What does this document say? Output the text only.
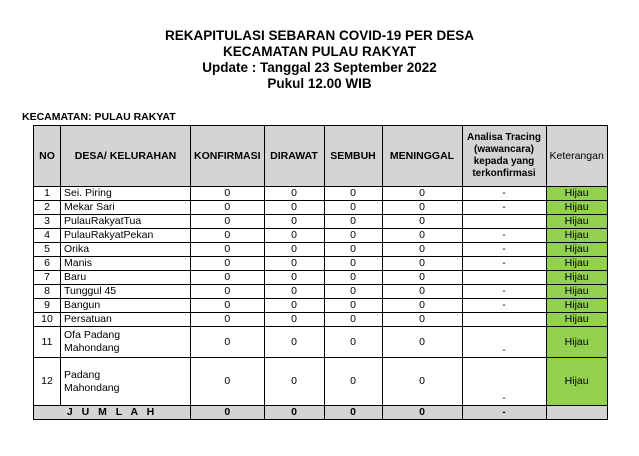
REKAPITULASI SEBARAN COVID-19 PER DESA
KECAMATAN PULAU RAKYAT
Update : Tanggal 23 September 2022
Pukul 12.00 WIB
KECAMATAN: PULAU RAKYAT
NO	DESA/ KELURAHAN	KONFIRMASI	DIRAWAT	SEMBUH	MENINGGAL	Analisa Tracing (wawancara) kepada yang terkonfirmasi	Keterangan
1	Sei. Piring	0	0	0	0	-	Hijau
2	Mekar Sari	0	0	0	0	-	Hijau
3	PulauRakyatTua	0	0	0	0		Hijau
4	PulauRakyatPekan	0	0	0	0	-	Hijau
5	Orika	0	0	0	0	-	Hijau
6	Manis	0	0	0	0	-	Hijau
7	Baru	0	0	0	0		Hijau
8	Tunggul 45	0	0	0	0	-	Hijau
9	Bangun	0	0	0	0	-	Hijau
10	Persatuan	0	0	0	0		Hijau
11	Ofa Padang
Mahondang	0	0	0	0	-	Hijau
12	Padang
Mahondang	0	0	0	0	-	Hijau
J U M L A H		0	0	0	0	-	
